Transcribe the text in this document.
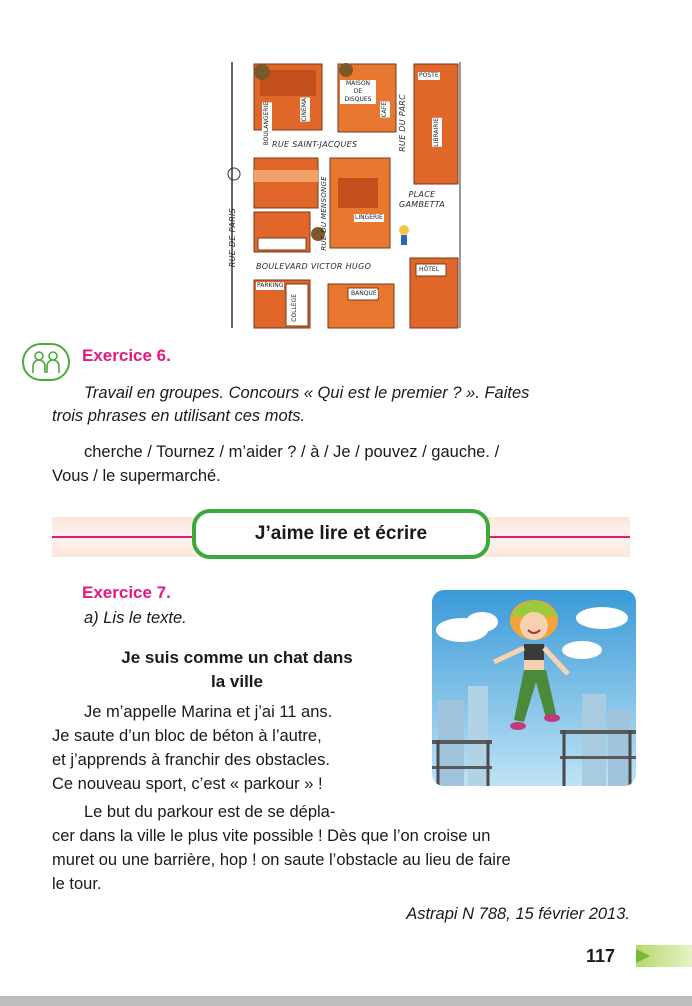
RUE DE PARIS
RUE SAINT-JACQUES	RUE DU PARC
RUE DU MENSONGE
BOULEVARD VICTOR HUGO
PLACE GAMBETTA
BOULANGERIE	CINÉMA
MAISON DE DISQUES
CAFÉ
POSTE
LIBRAIRIE
LINGERIE
HÔTEL
COLLÈGE
BANQUE
PARKING
Exercice 6.
Travail en groupes. Concours « Qui est le premier ? ». Faites
trois phrases en utilisant ces mots.
cherche / Tournez / m’aider ? / à / Je / pouvez / gauche. /
Vous / le supermarché.
J’aime lire et écrire
Exercice 7.
a) Lis le texte.
Je suis comme un chat dans
la ville
Je m’appelle Marina et j’ai 11 ans.
Je saute d’un bloc de béton à l’autre,
et j’apprends à franchir des obstacles.
Ce nouveau sport, c’est « parkour » !
Le but du parkour est de se dépla-
cer dans la ville le plus vite possible ! Dès que l’on croise un
muret ou une barrière, hop ! on saute l’obstacle au lieu de faire
le tour.
Astrapi N 788, 15 février 2013.
117
